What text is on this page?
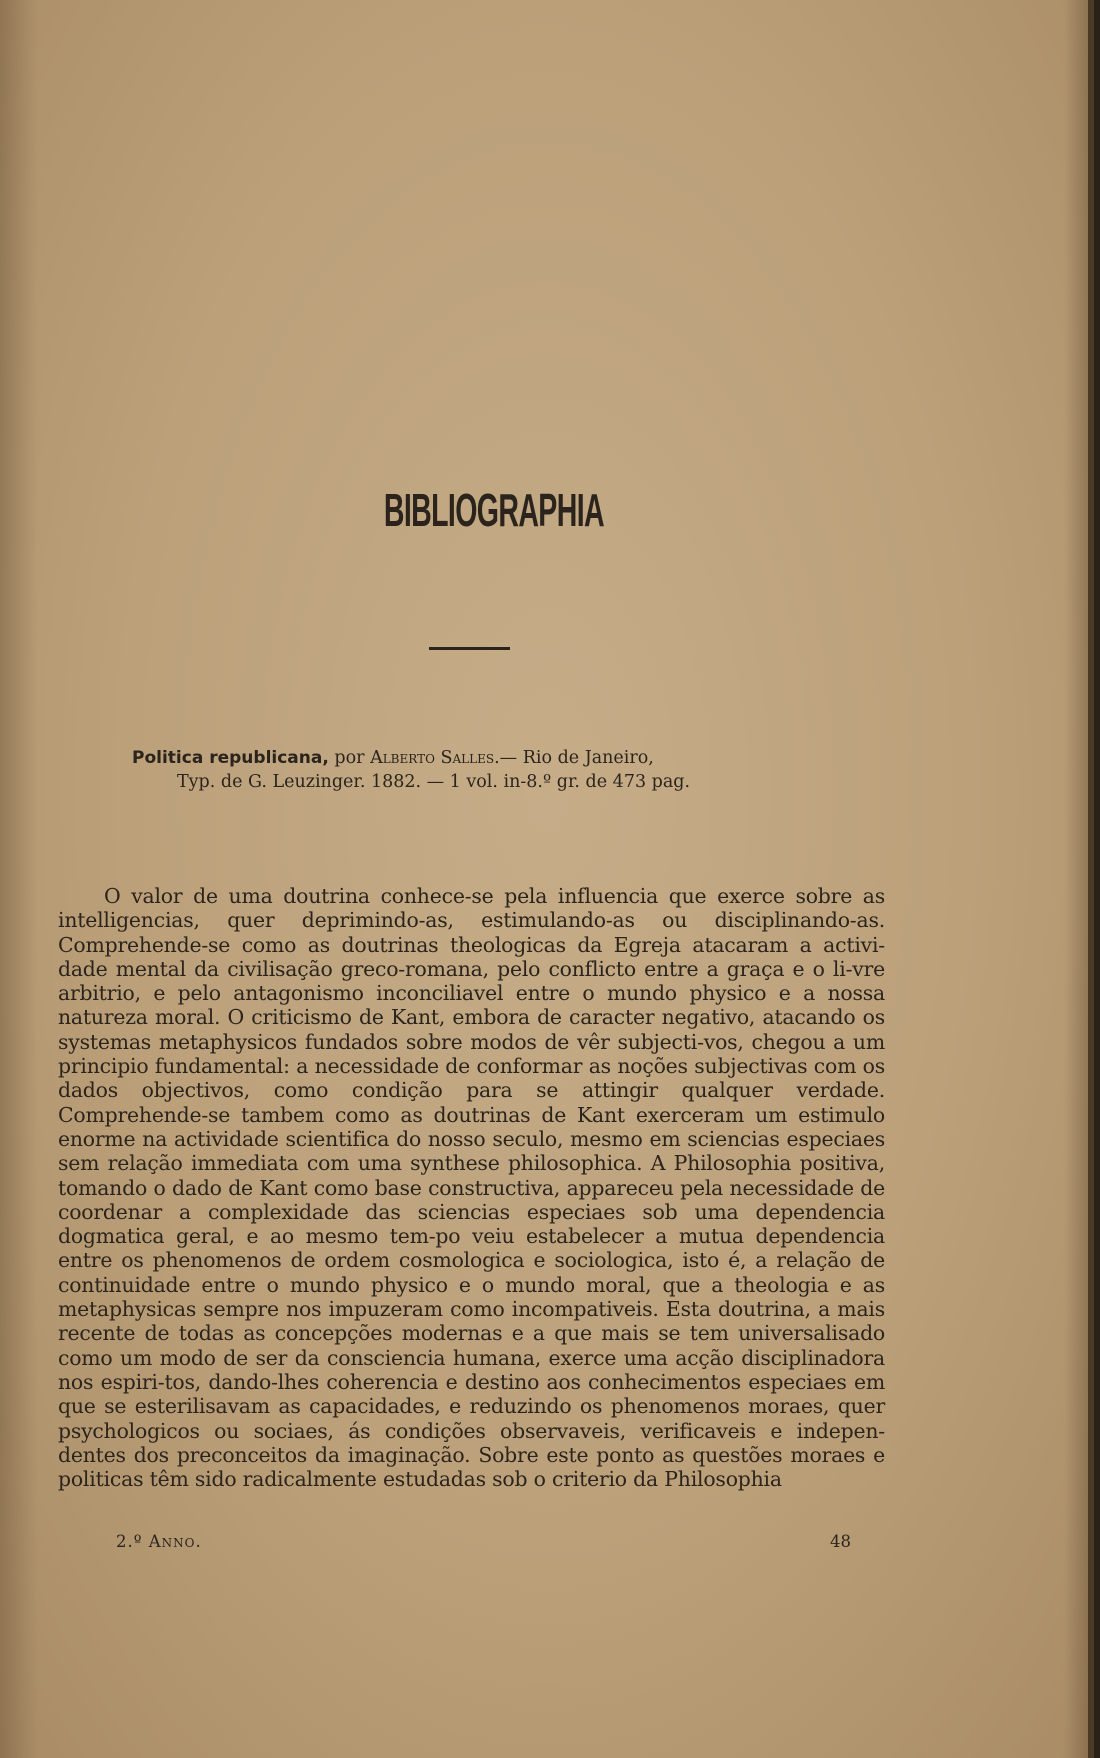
BIBLIOGRAPHIA
Politica republicana, por Alberto Salles.— Rio de Janeiro,
Typ. de G. Leuzinger. 1882. — 1 vol. in-8.º gr. de 473 pag.

O valor de uma doutrina conhece-se pela influencia que exerce sobre as intelligencias, quer deprimindo-as, estimulando-as ou disciplinando-as. Comprehende-se como as doutrinas theologicas da Egreja atacaram a activi-dade mental da civilisação greco-romana, pelo conflicto entre a graça e o li-vre arbitrio, e pelo antagonismo inconciliavel entre o mundo physico e a nossa natureza moral. O criticismo de Kant, embora de caracter negativo, atacando os systemas metaphysicos fundados sobre modos de vêr subjecti-vos, chegou a um principio fundamental: a necessidade de conformar as noções subjectivas com os dados objectivos, como condição para se attingir qualquer verdade. Comprehende-se tambem como as doutrinas de Kant exerceram um estimulo enorme na actividade scientifica do nosso seculo, mesmo em sciencias especiaes sem relação immediata com uma synthese philosophica. A Philosophia positiva, tomando o dado de Kant como base constructiva, appareceu pela necessidade de coordenar a complexidade das sciencias especiaes sob uma dependencia dogmatica geral, e ao mesmo tem-po veiu estabelecer a mutua dependencia entre os phenomenos de ordem cosmologica e sociologica, isto é, a relação de continuidade entre o mundo physico e o mundo moral, que a theologia e as metaphysicas sempre nos impuzeram como incompativeis. Esta doutrina, a mais recente de todas as concepções modernas e a que mais se tem universalisado como um modo de ser da consciencia humana, exerce uma acção disciplinadora nos espiri-tos, dando-lhes coherencia e destino aos conhecimentos especiaes em que se esterilisavam as capacidades, e reduzindo os phenomenos moraes, quer psychologicos ou sociaes, ás condições observaveis, verificaveis e indepen-dentes dos preconceitos da imaginação. Sobre este ponto as questões moraes e politicas têm sido radicalmente estudadas sob o criterio da Philosophia

2.º Anno.	48
